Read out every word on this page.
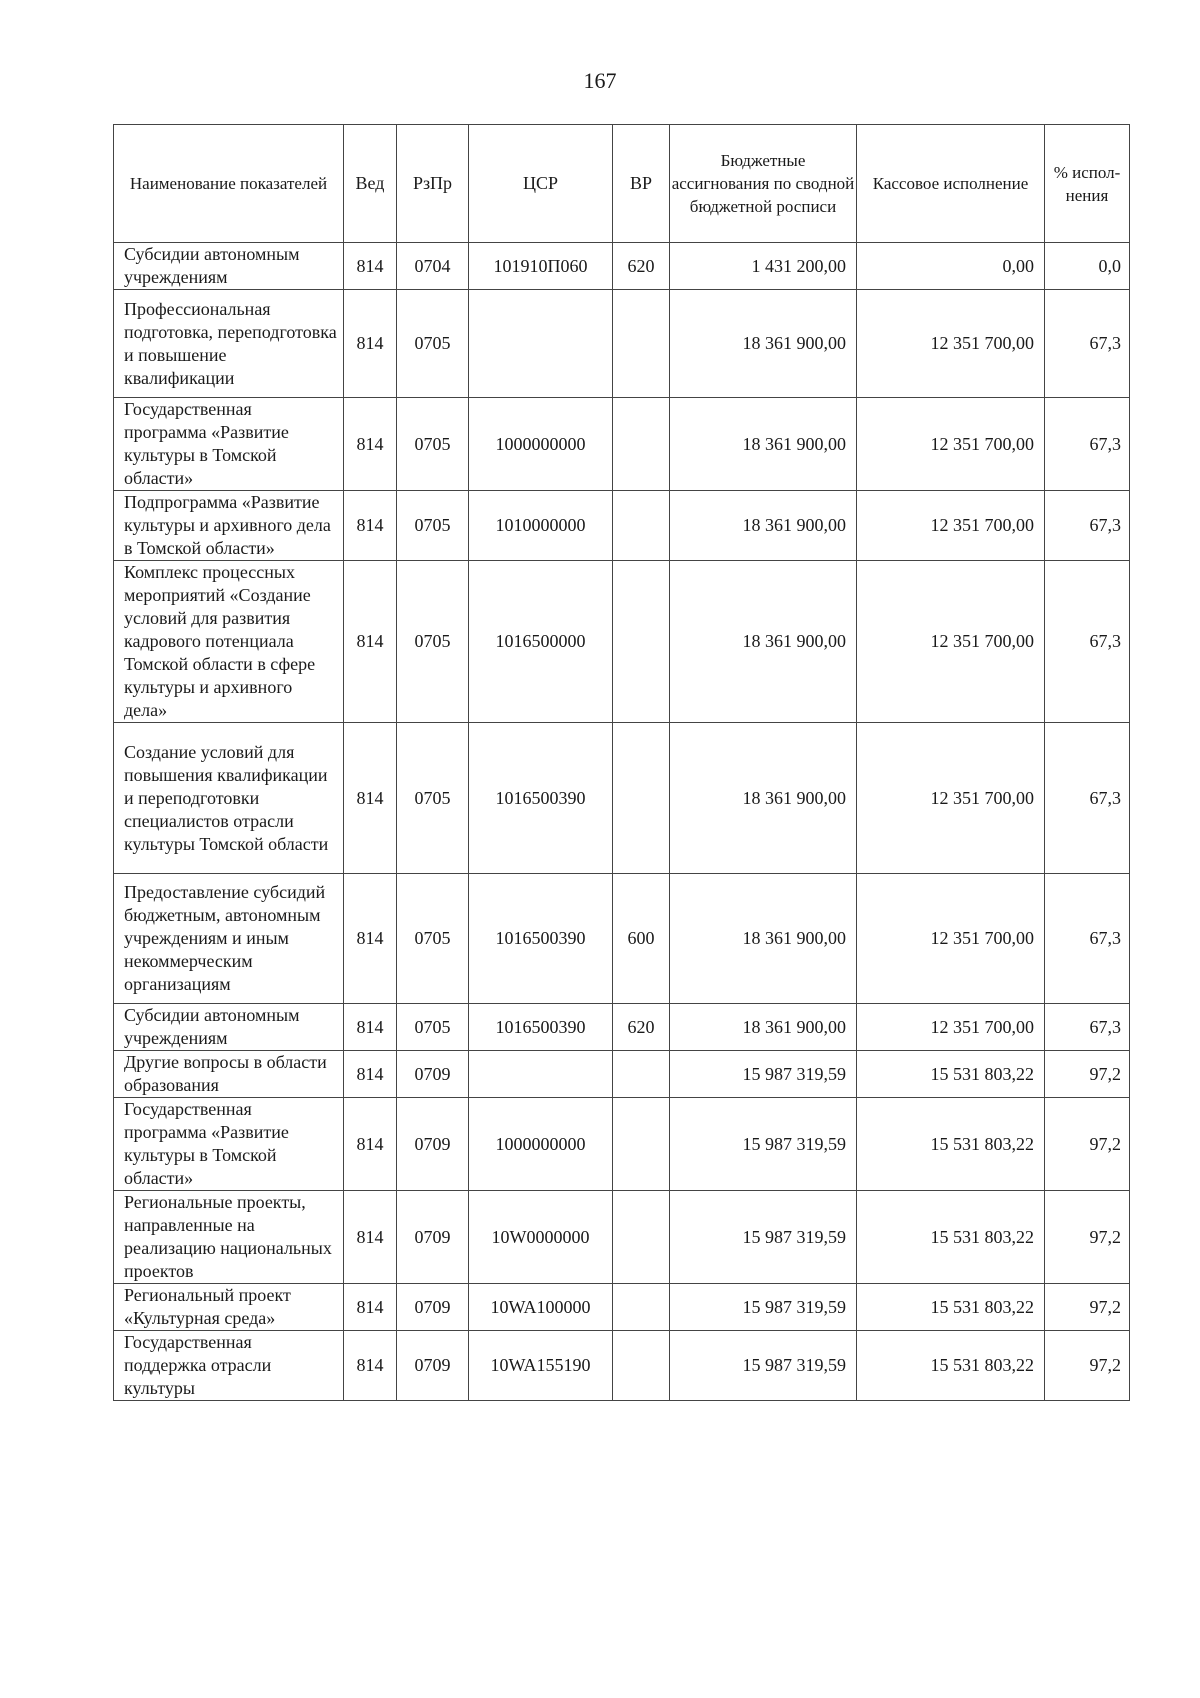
167
Наименование показателей	Вед	РзПр	ЦСР	ВР	Бюджетные ассигнования по сводной бюджетной росписи	Кассовое исполнение	% испол-нения
Субсидии автономным учреждениям	814	0704	101910П060	620	1 431 200,00	0,00	0,0
Профессиональная подготовка, переподготовка и повышение квалификации	814	0705			18 361 900,00	12 351 700,00	67,3
Государственная программа «Развитие культуры в Томской области»	814	0705	1000000000		18 361 900,00	12 351 700,00	67,3
Подпрограмма «Развитие культуры и архивного дела в Томской области»	814	0705	1010000000		18 361 900,00	12 351 700,00	67,3
Комплекс процессных мероприятий «Создание условий для развития кадрового потенциала Томской области в сфере культуры и архивного дела»	814	0705	1016500000		18 361 900,00	12 351 700,00	67,3
Создание условий для повышения квалификации и переподготовки специалистов отрасли культуры Томской области	814	0705	1016500390		18 361 900,00	12 351 700,00	67,3
Предоставление субсидий бюджетным, автономным учреждениям и иным некоммерческим организациям	814	0705	1016500390	600	18 361 900,00	12 351 700,00	67,3
Субсидии автономным учреждениям	814	0705	1016500390	620	18 361 900,00	12 351 700,00	67,3
Другие вопросы в области образования	814	0709			15 987 319,59	15 531 803,22	97,2
Государственная программа «Развитие культуры в Томской области»	814	0709	1000000000		15 987 319,59	15 531 803,22	97,2
Региональные проекты, направленные на реализацию национальных проектов	814	0709	10W0000000		15 987 319,59	15 531 803,22	97,2
Региональный проект «Культурная среда»	814	0709	10WA100000		15 987 319,59	15 531 803,22	97,2
Государственная поддержка отрасли культуры	814	0709	10WA155190		15 987 319,59	15 531 803,22	97,2
